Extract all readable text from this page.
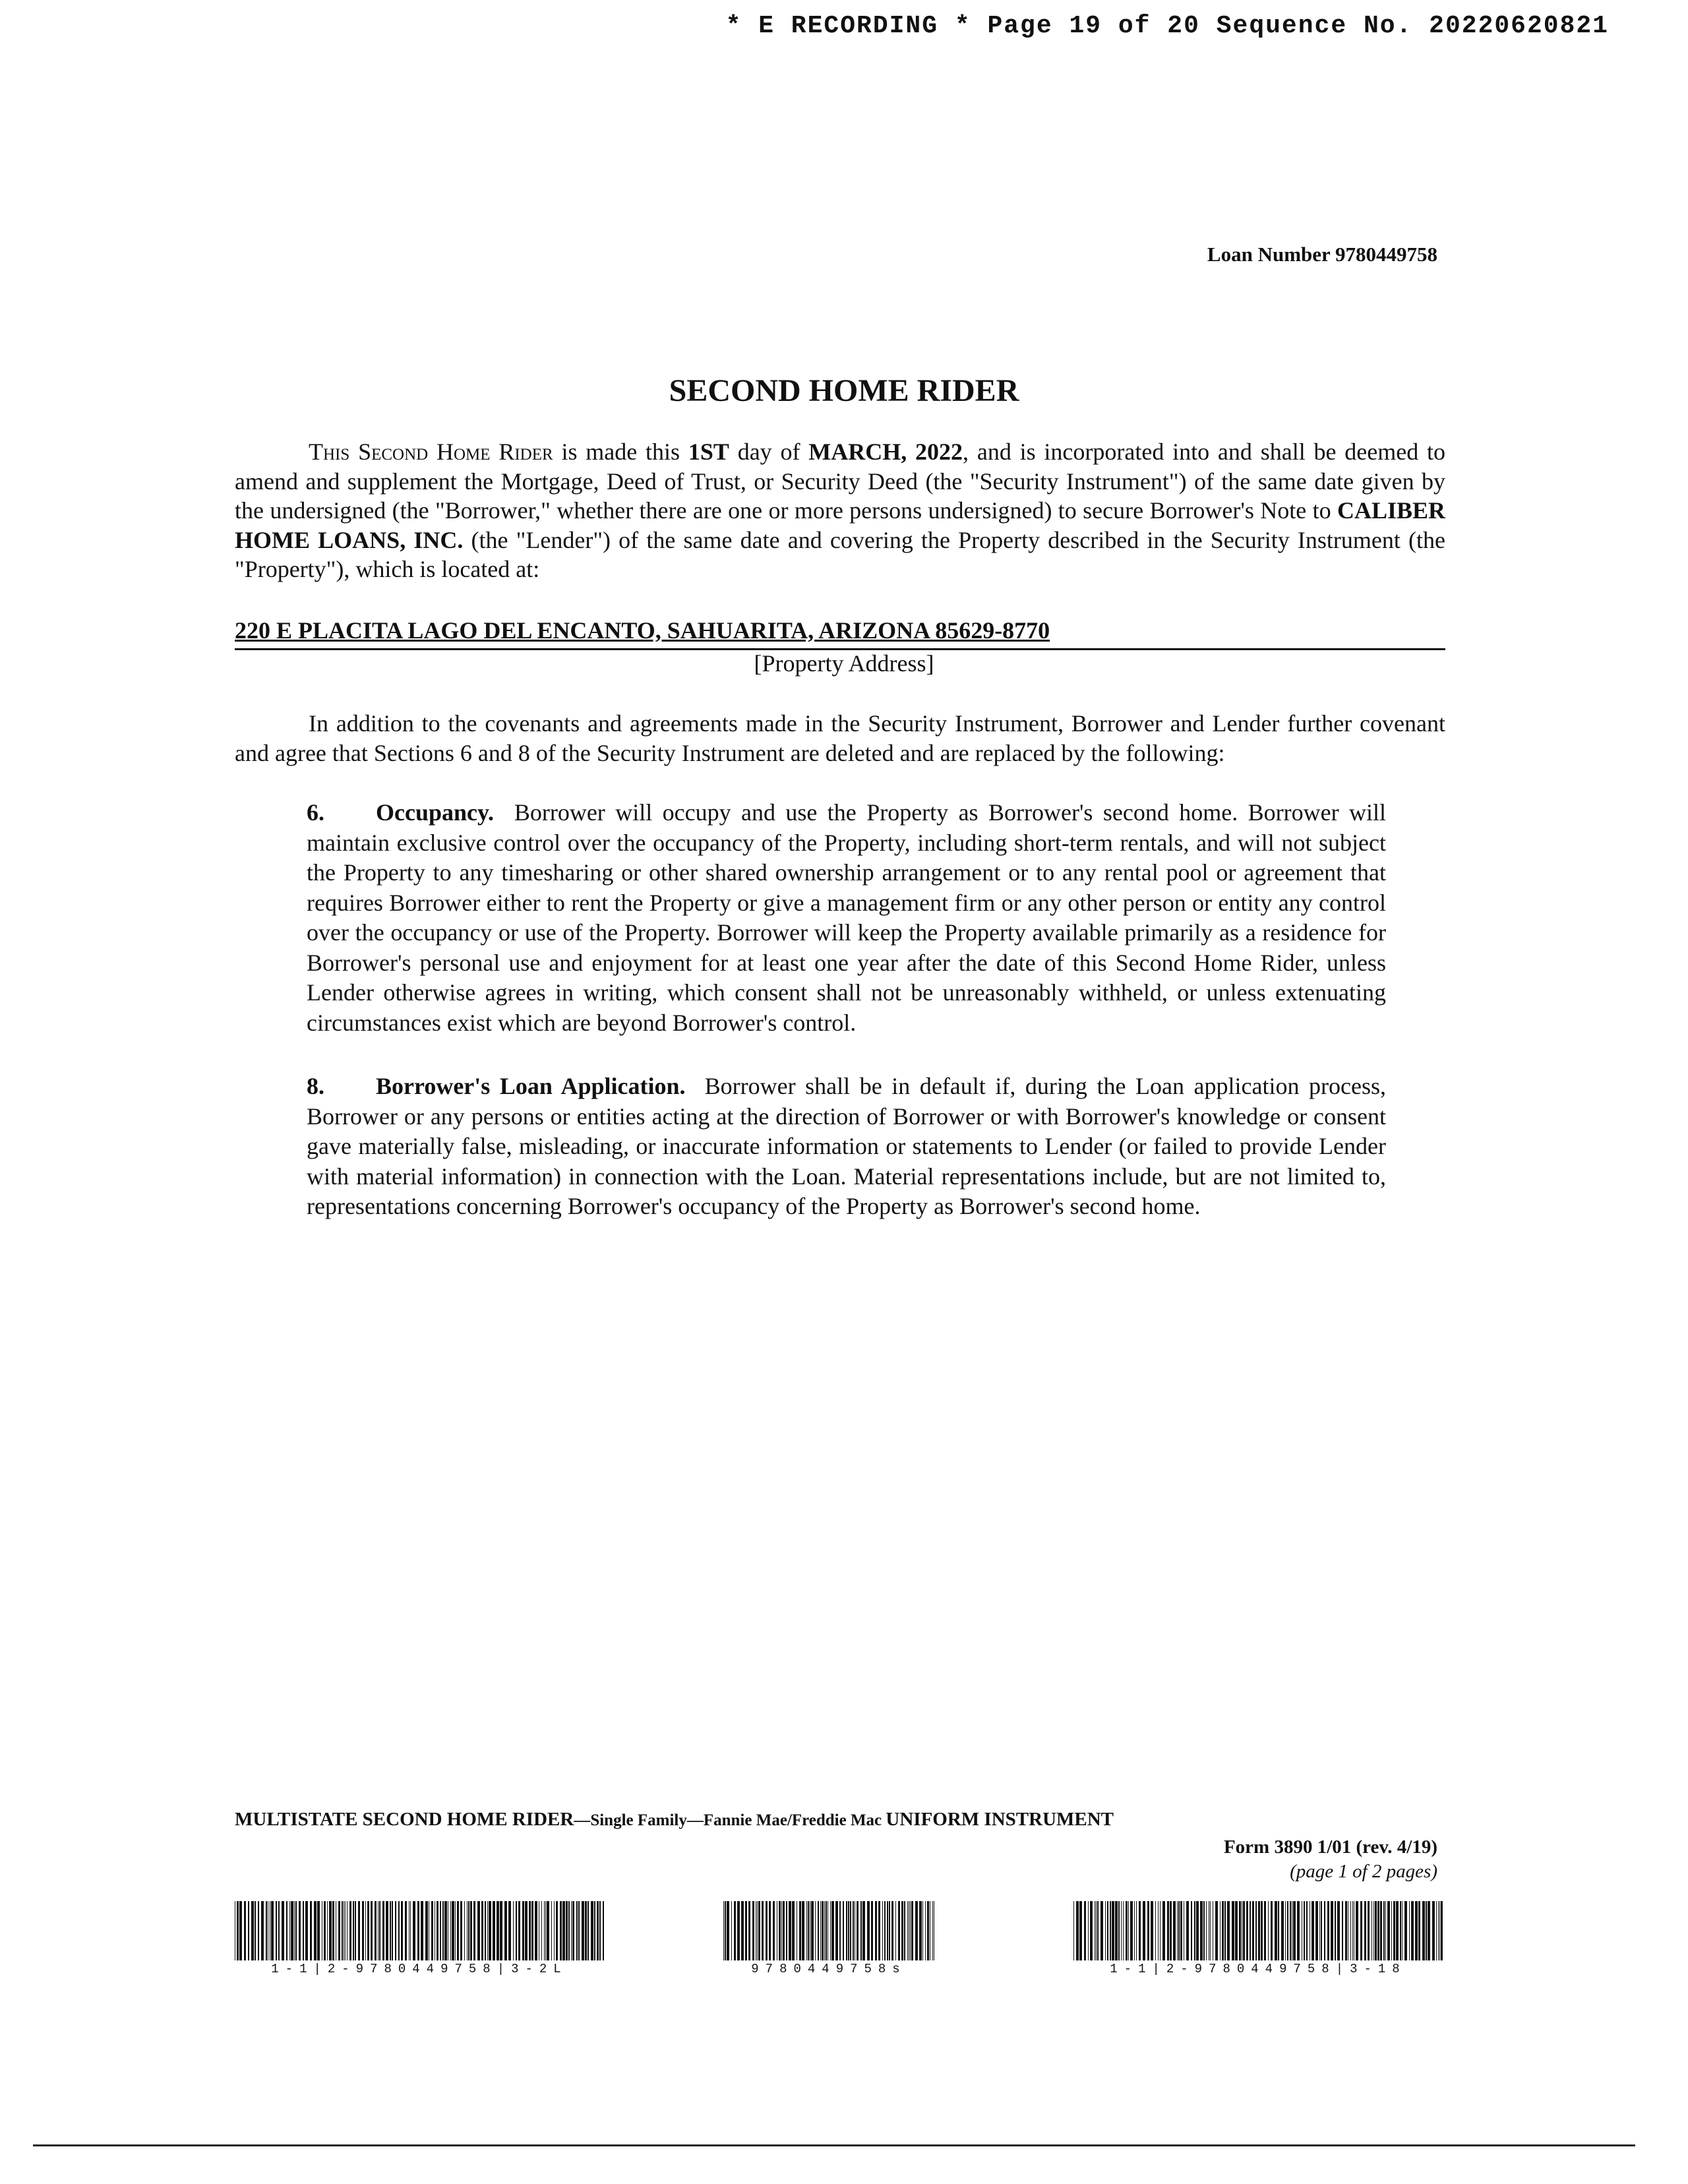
* E RECORDING * Page 19 of 20 Sequence No. 20220620821
Loan Number 9780449758
SECOND HOME RIDER
This Second Home Rider is made this 1ST day of MARCH, 2022, and is incorporated into and shall be deemed to amend and supplement the Mortgage, Deed of Trust, or Security Deed (the "Security Instrument") of the same date given by the undersigned (the "Borrower," whether there are one or more persons undersigned) to secure Borrower's Note to CALIBER HOME LOANS, INC. (the "Lender") of the same date and covering the Property described in the Security Instrument (the "Property"), which is located at:
220 E PLACITA LAGO DEL ENCANTO, SAHUARITA, ARIZONA 85629-8770
[Property Address]
In addition to the covenants and agreements made in the Security Instrument, Borrower and Lender further covenant and agree that Sections 6 and 8 of the Security Instrument are deleted and are replaced by the following:
6. Occupancy. Borrower will occupy and use the Property as Borrower's second home. Borrower will maintain exclusive control over the occupancy of the Property, including short-term rentals, and will not subject the Property to any timesharing or other shared ownership arrangement or to any rental pool or agreement that requires Borrower either to rent the Property or give a management firm or any other person or entity any control over the occupancy or use of the Property. Borrower will keep the Property available primarily as a residence for Borrower's personal use and enjoyment for at least one year after the date of this Second Home Rider, unless Lender otherwise agrees in writing, which consent shall not be unreasonably withheld, or unless extenuating circumstances exist which are beyond Borrower's control.
8. Borrower's Loan Application. Borrower shall be in default if, during the Loan application process, Borrower or any persons or entities acting at the direction of Borrower or with Borrower's knowledge or consent gave materially false, misleading, or inaccurate information or statements to Lender (or failed to provide Lender with material information) in connection with the Loan. Material representations include, but are not limited to, representations concerning Borrower's occupancy of the Property as Borrower's second home.
MULTISTATE SECOND HOME RIDER—Single Family—Fannie Mae/Freddie Mac UNIFORM INSTRUMENT
Form 3890 1/01 (rev. 4/19)
(page 1 of 2 pages)
1-1|2-9780449758|3-2L	9780449758s	1-1|2-9780449758|3-18
